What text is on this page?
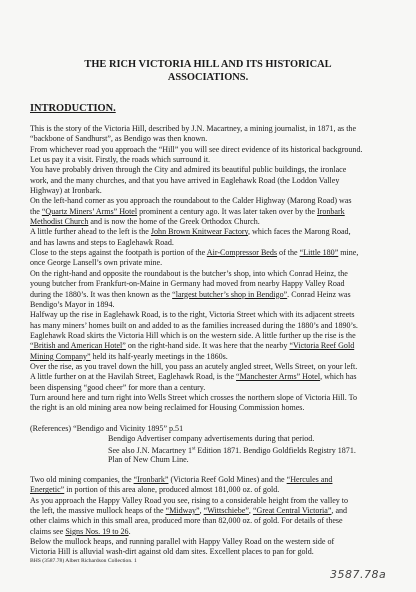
THE RICH VICTORIA HILL AND ITS HISTORICAL
ASSOCIATIONS.
INTRODUCTION.
This is the story of the Victoria Hill, described by J.N. Macartney, a mining journalist, in 1871, as the
“backbone of Sandhurst”, as Bendigo was then known.
From whichever road you approach the “Hill” you will see direct evidence of its historical background.
Let us pay it a visit. Firstly, the roads which surround it.
You have probably driven through the City and admired its beautiful public buildings, the ironlace
work, and the many churches, and that you have arrived in Eaglehawk Road (the Loddon Valley
Highway) at Ironbark.
On the left-hand corner as you approach the roundabout to the Calder Highway (Marong Road) was
the “Quartz Miners’ Arms” Hotel prominent a century ago. It was later taken over by the Ironbark
Methodist Church and is now the home of the Greek Orthodox Church.
A little further ahead to the left is the John Brown Knitwear Factory, which faces the Marong Road,
and has lawns and steps to Eaglehawk Road.
Close to the steps against the footpath is portion of the Air-Compressor Beds of the “Little 180” mine,
once George Lansell’s own private mine.
On the right-hand and opposite the roundabout is the butcher’s shop, into which Conrad Heinz, the
young butcher from Frankfurt-on-Maine in Germany had moved from nearby Happy Valley Road
during the 1880’s. It was then known as the “largest butcher’s shop in Bendigo”. Conrad Heinz was
Bendigo’s Mayor in 1894.
Halfway up the rise in Eaglehawk Road, is to the right, Victoria Street which with its adjacent streets
has many miners’ homes built on and added to as the families increased during the 1880’s and 1890’s.
Eaglehawk Road skirts the Victoria Hill which is on the western side. A little further up the rise is the
“British and American Hotel” on the right-hand side. It was here that the nearby “Victoria Reef Gold
Mining Company” held its half-yearly meetings in the 1860s.
Over the rise, as you travel down the hill, you pass an acutely angled street, Wells Street, on your left.
A little further on at the Havilah Street, Eaglehawk Road, is the “Manchester Arms” Hotel, which has
been dispensing “good cheer” for more than a century.
Turn around here and turn right into Wells Street which crosses the northern slope of Victoria Hill. To
the right is an old mining area now being reclaimed for Housing Commission homes.
(References) “Bendigo and Vicinity 1895” p.51
Bendigo Advertiser company advertisements during that period.
See also J.N. Macartney 1st Edition 1871. Bendigo Goldfields Registry 1871.
Plan of New Chum Line.
Two old mining companies, the “Ironbark” (Victoria Reef Gold Mines) and the “Hercules and
Energetic” in portion of this area alone, produced almost 181,000 oz. of gold.
As you approach the Happy Valley Road you see, rising to a considerable height from the valley to
the left, the massive mullock heaps of the “Midway”, “Wittschiebe”, “Great Central Victoria”, and
other claims which in this small area, produced more than 82,000 oz. of gold. For details of these
claims see Signs Nos. 19 to 26.
Below the mullock heaps, and running parallel with Happy Valley Road on the western side of
Victoria Hill is alluvial wash-dirt against old dam sites. Excellent places to pan for gold.
BHS (3587.78) Albert Richardson Collection. 1
3587.78a
